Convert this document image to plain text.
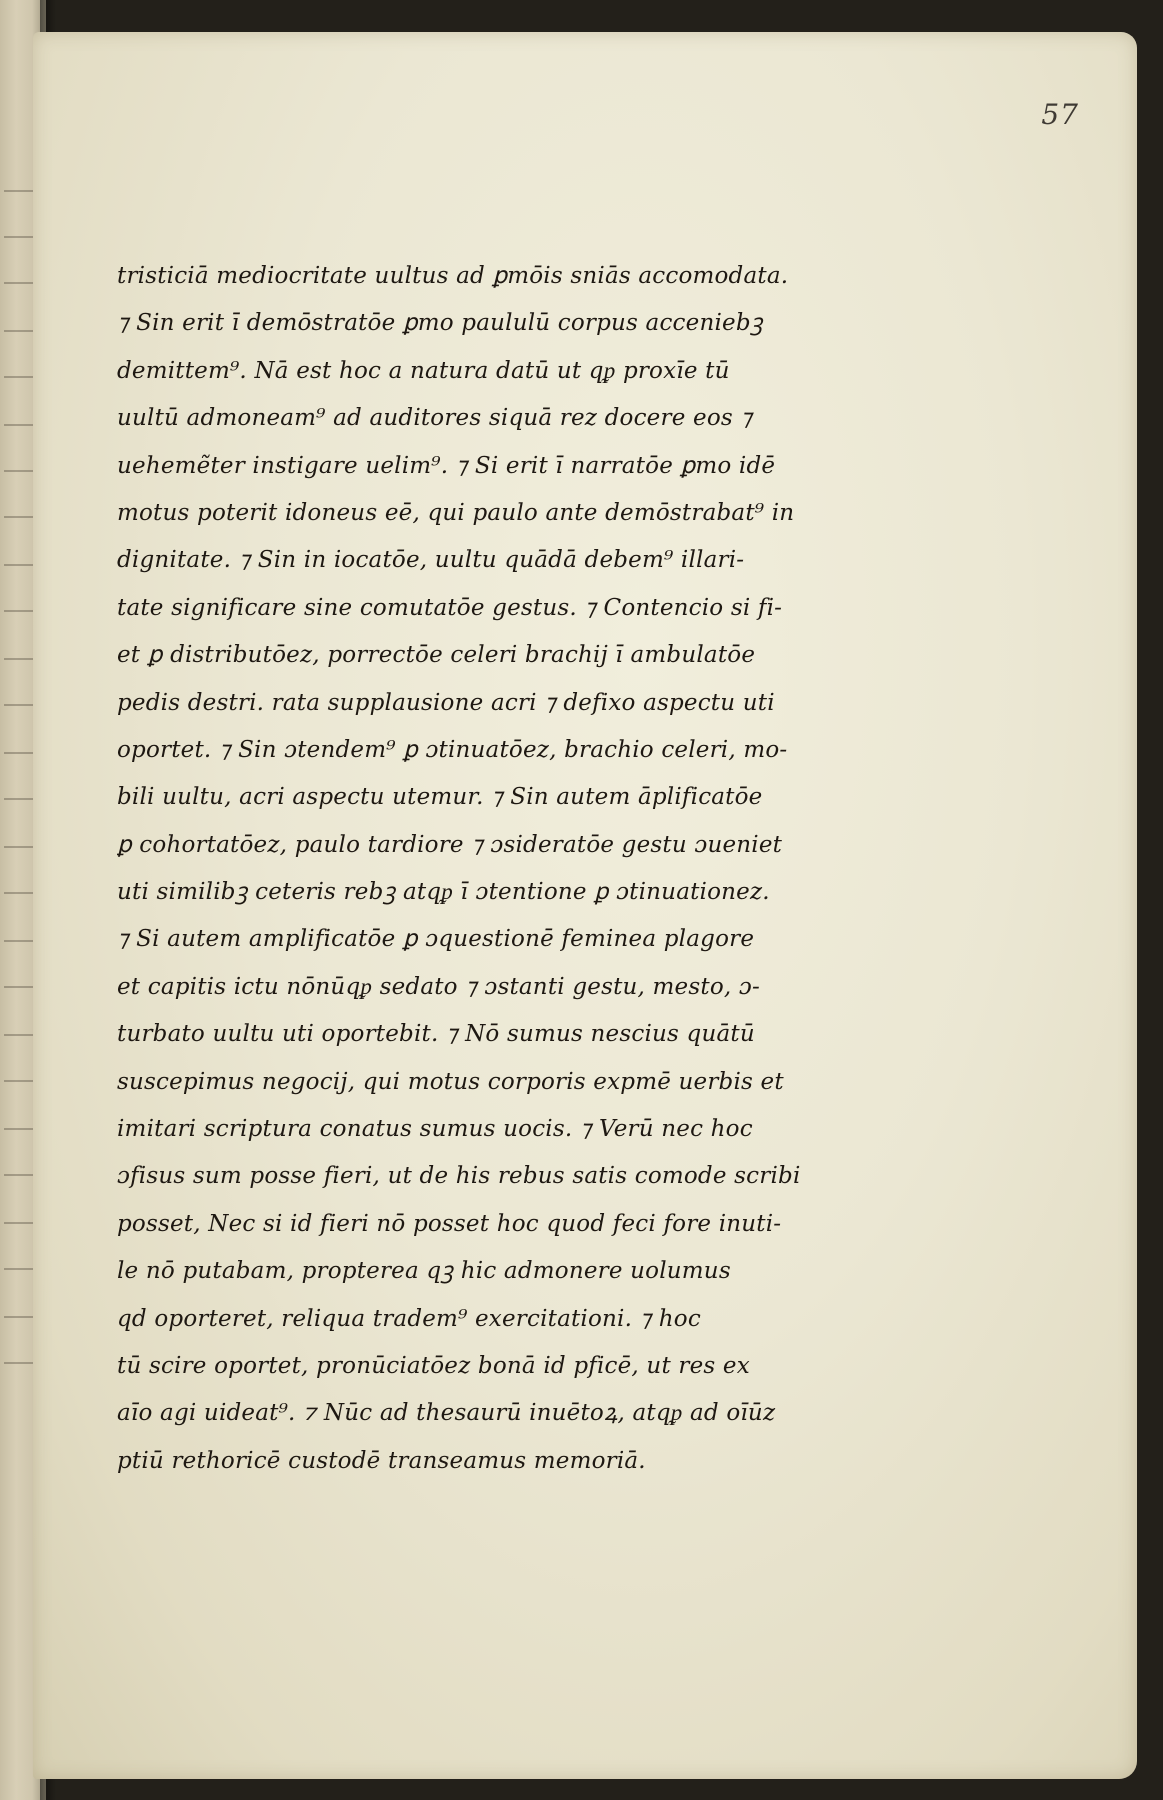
57
tristiciā mediocritate uultus ad ꝑmōis sniās accomodata.
⁊ Sin erit ī demōstratōe ꝑmo paululū corpus acceniebꝫ
demittem⁹. Nā est hoc a natura datū ut qᵱ proxīe tū
uultū admoneam⁹ ad auditores siquā rez docere eos ⁊
uehemẽter instigare uelim⁹. ⁊ Si erit ī narratōe ꝑmo idē
motus poterit idoneus eē, qui paulo ante demōstrabat⁹ in
dignitate. ⁊ Sin in iocatōe, uultu quādā debem⁹ illari-
tate significare sine comutatōe gestus. ⁊ Contencio si fi-
et ꝑ distributōez, porrectōe celeri brachij ī ambulatōe
pedis destri. rata supplausione acri ⁊ defixo aspectu uti
oportet. ⁊ Sin ɔtendem⁹ ꝑ ɔtinuatōez, brachio celeri, mo-
bili uultu, acri aspectu utemur. ⁊ Sin autem āplificatōe
ꝑ cohortatōez, paulo tardiore ⁊ ɔsideratōe gestu ɔueniet
uti similibꝫ ceteris rebꝫ atqᵱ ī ɔtentione ꝑ ɔtinuationez.
⁊ Si autem amplificatōe ꝑ ɔquestionē feminea plagore
et capitis ictu nōnūqᵱ sedato ⁊ ɔstanti gestu, mesto, ɔ-
turbato uultu uti oportebit. ⁊ Nō sumus nescius quātū
suscepimus negocij, qui motus corporis expmē uerbis et
imitari scriptura conatus sumus uocis. ⁊ Verū nec hoc
ɔfisus sum posse fieri, ut de his rebus satis comode scribi
posset, Nec si id fieri nō posset hoc quod feci fore inuti-
le nō putabam, propterea qꝫ hic admonere uolumus
qd oporteret, reliqua tradem⁹ exercitationi. ⁊ hoc
tū scire oportet, pronūciatōez bonā id pficē, ut res ex
aīo agi uideat⁹. ⁊ Nūc ad thesaurū inuētoꝝ, atqᵱ ad oīūz
ptiū rethoricē custodē transeamus memoriā.
